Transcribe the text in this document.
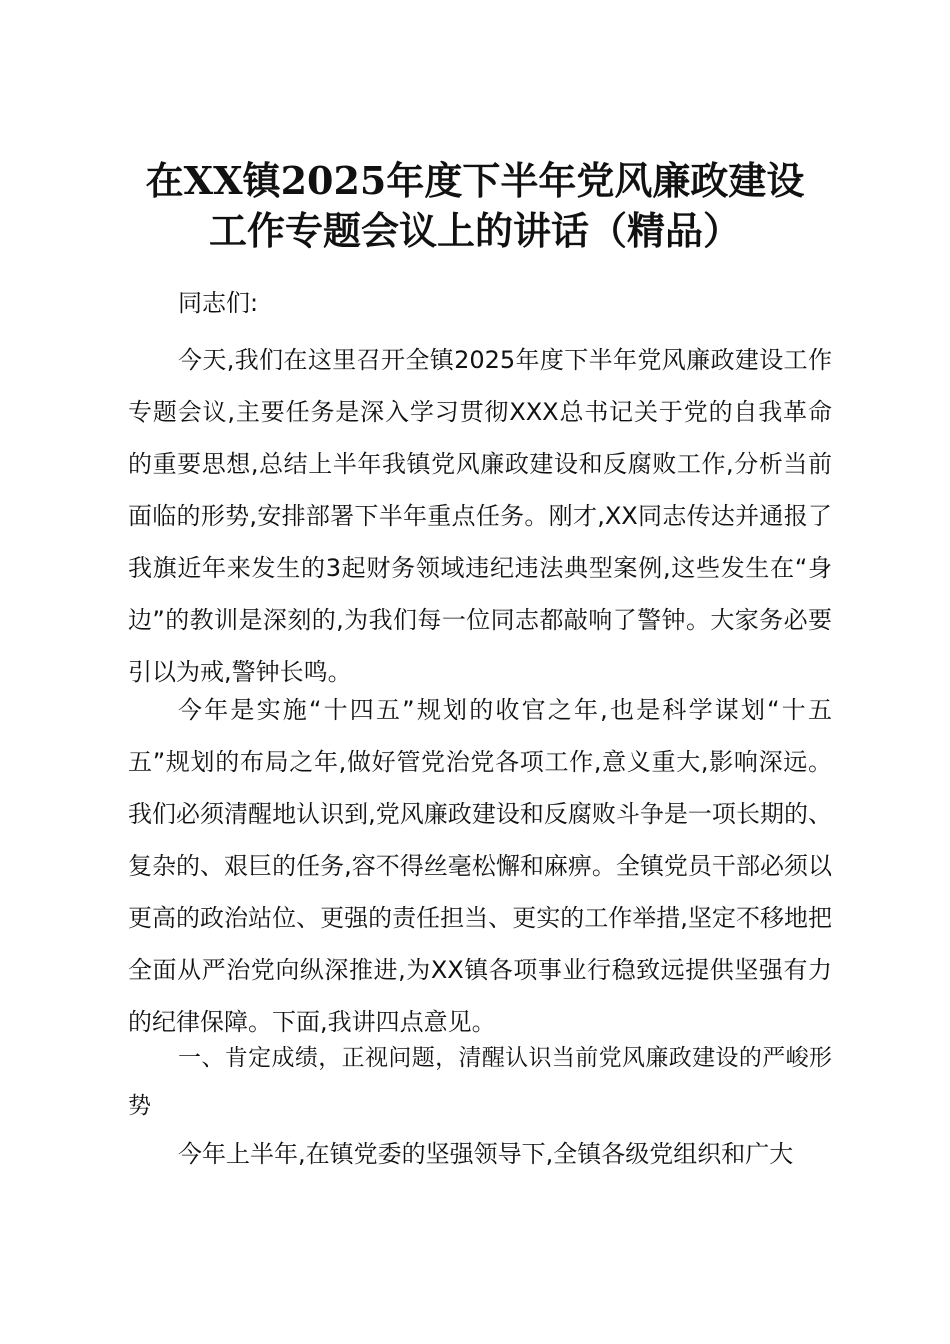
在XX镇2025年度下半年党风廉政建设
工作专题会议上的讲话（精品）

同志们:

今天,我们在这里召开全镇2025年度下半年党风廉政建设工作专题会议,主要任务是深入学习贯彻XXX总书记关于党的自我革命的重要思想,总结上半年我镇党风廉政建设和反腐败工作,分析当前面临的形势,安排部署下半年重点任务。刚才,XX同志传达并通报了我旗近年来发生的3起财务领域违纪违法典型案例,这些发生在“身边”的教训是深刻的,为我们每一位同志都敲响了警钟。大家务必要引以为戒,警钟长鸣。

今年是实施“十四五”规划的收官之年,也是科学谋划“十五五”规划的布局之年,做好管党治党各项工作,意义重大,影响深远。我们必须清醒地认识到,党风廉政建设和反腐败斗争是一项长期的、复杂的、艰巨的任务,容不得丝毫松懈和麻痹。全镇党员干部必须以更高的政治站位、更强的责任担当、更实的工作举措,坚定不移地把全面从严治党向纵深推进,为XX镇各项事业行稳致远提供坚强有力的纪律保障。下面,我讲四点意见。

一、肯定成绩，正视问题，清醒认识当前党风廉政建设的严峻形势

今年上半年,在镇党委的坚强领导下,全镇各级党组织和广大
